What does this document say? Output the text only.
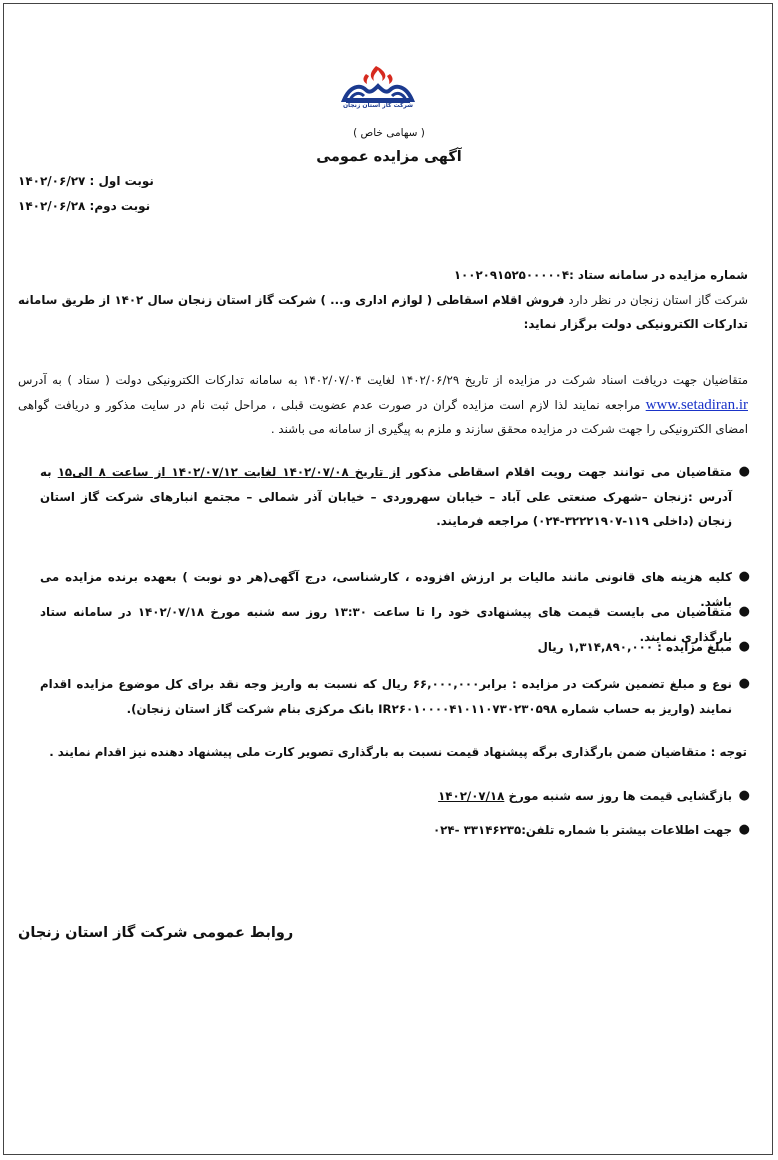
شرکت گاز استان زنجان
( سهامی خاص )
آگهی مزایده عمومی
نوبت اول : ۱۴۰۲/۰۶/۲۷
نوبت دوم: ۱۴۰۲/۰۶/۲۸
شماره مزایده در سامانه ستاد :۱۰۰۲۰۹۱۵۲۵۰۰۰۰۰۴
شرکت گاز استان زنجان در نظر دارد فروش اقلام اسقاطی ( لوازم اداری و... ) شرکت گاز استان زنجان سال ۱۴۰۲ از طریق سامانه تدارکات الکترونیکی دولت برگزار نماید:
متقاضیان جهت دریافت اسناد شرکت در مزایده از تاریخ ۱۴۰۲/۰۶/۲۹ لغایت ۱۴۰۲/۰۷/۰۴ به سامانه تدارکات الکترونیکی دولت ( ستاد ) به آدرس www.setadiran.ir مراجعه نمایند لذا لازم است مزایده گران در صورت عدم عضویت قبلی ، مراحل ثبت نام در سایت مذکور و دریافت گواهی امضای الکترونیکی را جهت شرکت در مزایده محقق سازند و ملزم به پیگیری از سامانه می باشند .
●
متقاضیان می توانند جهت رویت اقلام اسقاطی مذکور از تاریخ ۱۴۰۲/۰۷/۰۸ لغایت ۱۴۰۲/۰۷/۱۲ از ساعت ۸ الی۱۵ به آدرس :زنجان –شهرک صنعتی علی آباد – خیابان سهروردی – خیابان آذر شمالی – مجتمع انبارهای شرکت گاز استان زنجان (داخلی ۱۱۹-۳۲۲۲۱۹۰۷-۰۲۴) مراجعه فرمایند.
●
کلیه هزینه های قانونی مانند مالیات بر ارزش افزوده ، کارشناسی، درج آگهی(هر دو نوبت ) بعهده برنده مزایده می باشد.
●
متقاضیان می بایست قیمت های پیشنهادی خود را تا ساعت ۱۳:۳۰ روز سه شنبه مورخ ۱۴۰۲/۰۷/۱۸ در سامانه ستاد بارگذاری نمایند.
●
مبلغ مزایده : ۱,۳۱۴,۸۹۰,۰۰۰ ریال
●
نوع و مبلغ تضمین شرکت در مزایده : برابر۶۶,۰۰۰,۰۰۰ ریال که نسبت به واریز وجه نقد برای کل موضوع مزایده اقدام نمایند (واریز به حساب شماره IR۲۶۰۱۰۰۰۰۴۱۰۱۱۰۷۳۰۲۳۰۵۹۸ بانک مرکزی بنام شرکت گاز استان زنجان).
●
بازگشایی قیمت ها روز سه شنبه مورخ ۱۴۰۲/۰۷/۱۸
●
جهت اطلاعات بیشتر با شماره تلفن:۳۳۱۴۶۲۳۵ -۰۲۴
توجه : متقاضیان ضمن بارگذاری برگه پیشنهاد قیمت نسبت به بارگذاری تصویر کارت ملی پیشنهاد دهنده نیز اقدام نمایند .
روابط عمومی شرکت گاز استان زنجان
